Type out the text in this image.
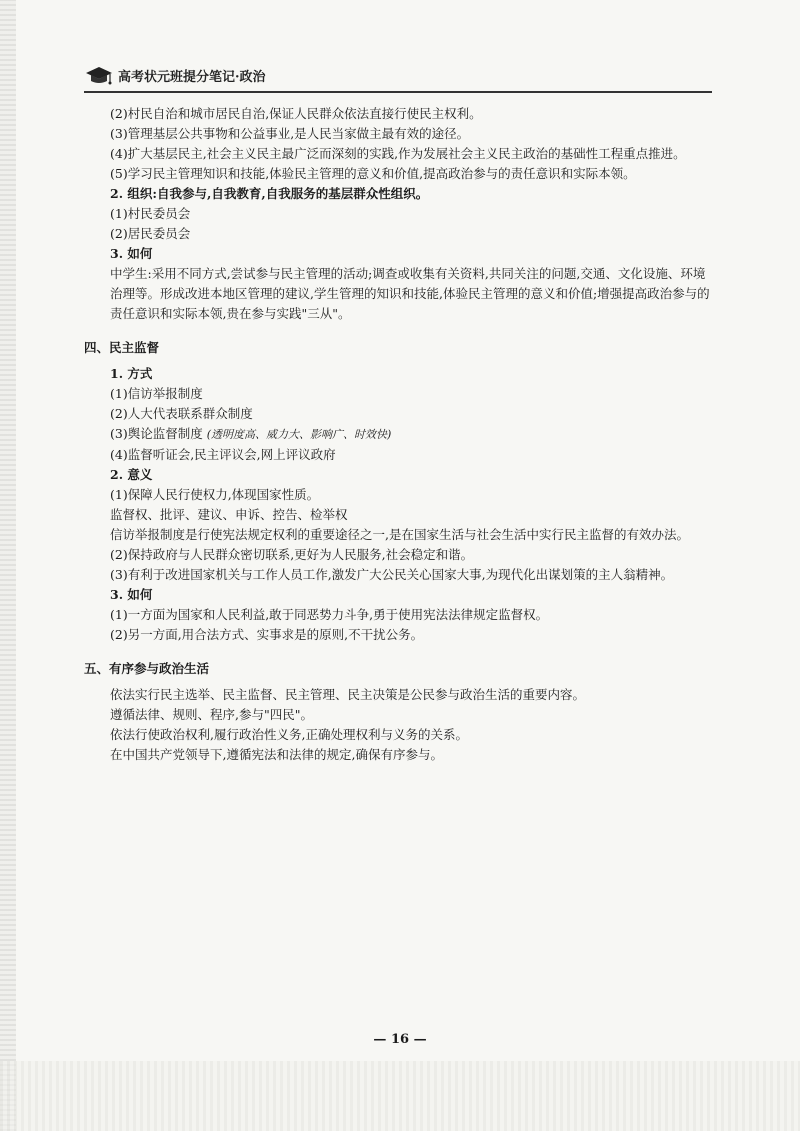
高考状元班提分笔记·政治
(2)村民自治和城市居民自治,保证人民群众依法直接行使民主权利。
(3)管理基层公共事物和公益事业,是人民当家做主最有效的途径。
(4)扩大基层民主,社会主义民主最广泛而深刻的实践,作为发展社会主义民主政治的基础性工程重点推进。
(5)学习民主管理知识和技能,体验民主管理的意义和价值,提高政治参与的责任意识和实际本领。
2. 组织:自我参与,自我教育,自我服务的基层群众性组织。
(1)村民委员会
(2)居民委员会
3. 如何
中学生:采用不同方式,尝试参与民主管理的活动;调查或收集有关资料,共同关注的问题,交通、文化设施、环境治理等。形成改进本地区管理的建议,学生管理的知识和技能,体验民主管理的意义和价值;增强提高政治参与的责任意识和实际本领,贵在参与实践"三从"。
四、民主监督
1. 方式
(1)信访举报制度
(2)人大代表联系群众制度
(3)舆论监督制度 (透明度高、威力大、影响广、时效快)
(4)监督听证会,民主评议会,网上评议政府
2. 意义
(1)保障人民行使权力,体现国家性质。
监督权、批评、建议、申诉、控告、检举权
信访举报制度是行使宪法规定权利的重要途径之一,是在国家生活与社会生活中实行民主监督的有效办法。
(2)保持政府与人民群众密切联系,更好为人民服务,社会稳定和谐。
(3)有利于改进国家机关与工作人员工作,激发广大公民关心国家大事,为现代化出谋划策的主人翁精神。
3. 如何
(1)一方面为国家和人民利益,敢于同恶势力斗争,勇于使用宪法法律规定监督权。
(2)另一方面,用合法方式、实事求是的原则,不干扰公务。
五、有序参与政治生活
依法实行民主选举、民主监督、民主管理、民主决策是公民参与政治生活的重要内容。
遵循法律、规则、程序,参与"四民"。
依法行使政治权利,履行政治性义务,正确处理权利与义务的关系。
在中国共产党领导下,遵循宪法和法律的规定,确保有序参与。
— 16 —
